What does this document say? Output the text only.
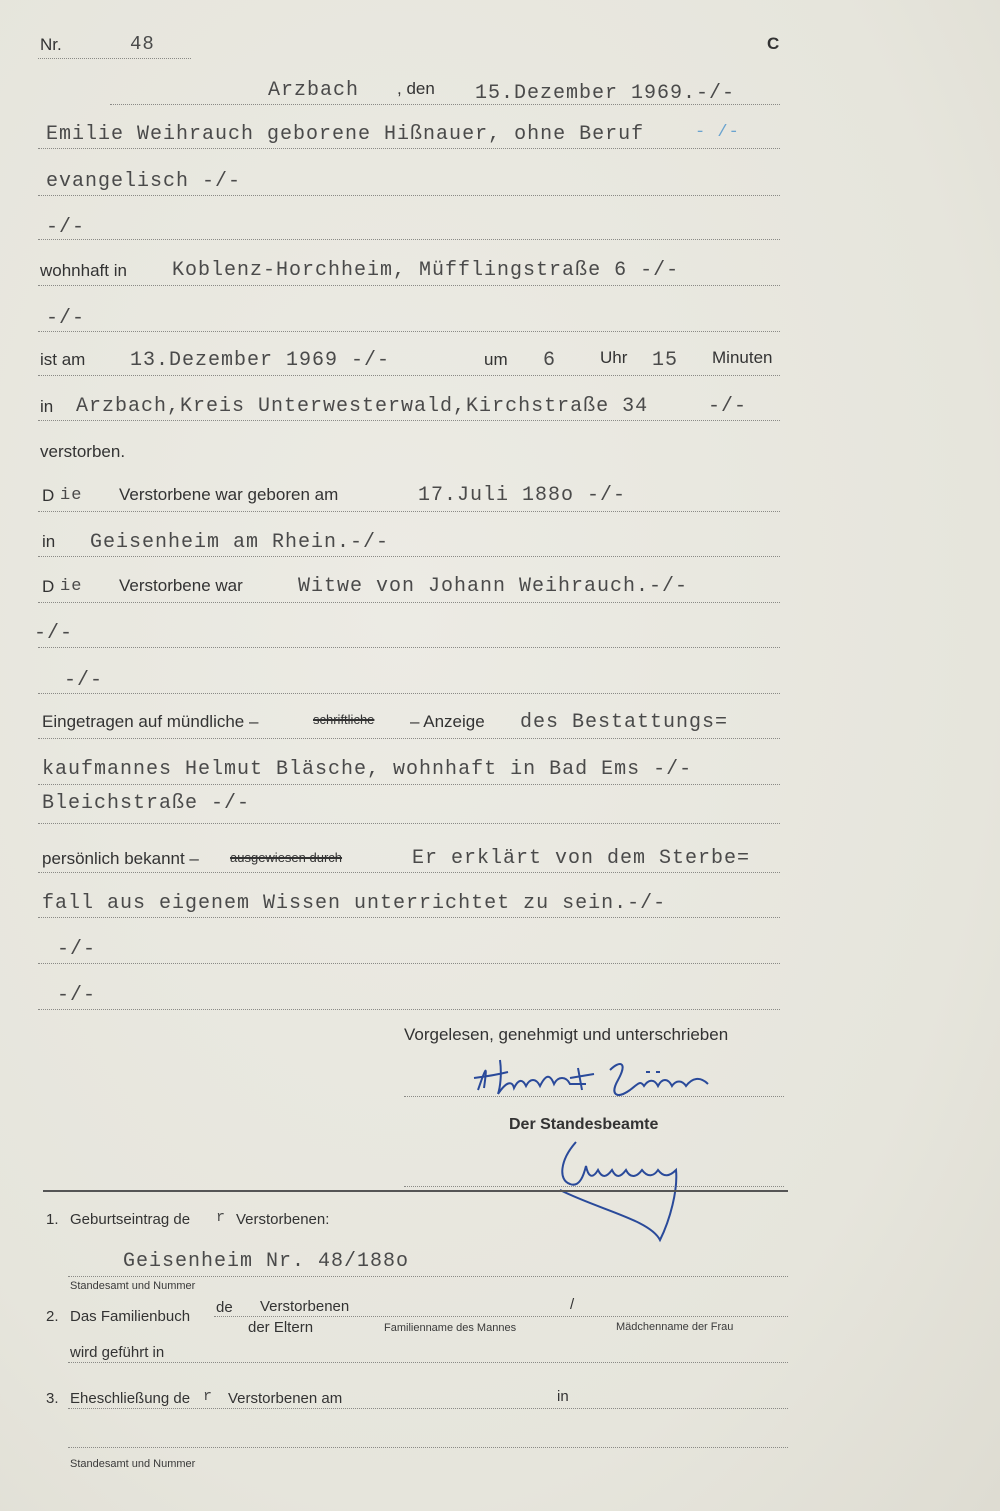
Nr.	48	C
Arzbach , den 15.Dezember 1969.-/-
Emilie Weihrauch geborene Hißnauer, ohne Beruf	- /-
evangelisch -/-
-/-
wohnhaft in Koblenz-Horchheim, Müfflingstraße 6 -/-
-/-
ist am 13.Dezember 1969 -/-	um 6	Uhr 15 Minuten
in Arzbach,Kreis Unterwesterwald,Kirchstraße 34	-/-
verstorben.
D ie Verstorbene war geboren am	17.Juli 188o -/-
in Geisenheim am Rhein.-/-
D ie Verstorbene war	Witwe von Johann Weihrauch.-/-
-/-
-/-
Eingetragen auf mündliche –	schriftliche – Anzeige des Bestattungs=
kaufmannes Helmut Bläsche, wohnhaft in Bad Ems -/-
Bleichstraße -/-
persönlich bekannt – ausgewiesen durch	Er erklärt von dem Sterbe=
fall aus eigenem Wissen unterrichtet zu sein.-/-
-/-
-/-
Vorgelesen, genehmigt und unterschrieben
Der Standesbeamte
1. Geburtseintrag de r Verstorbenen:
Geisenheim Nr. 48/188o
Standesamt und Nummer
2. Das Familienbuch
de Verstorbenen	/
der Eltern	Familienname des Mannes	Mädchenname der Frau
wird geführt in
3. Eheschließung de r Verstorbenen am	in
Standesamt und Nummer
